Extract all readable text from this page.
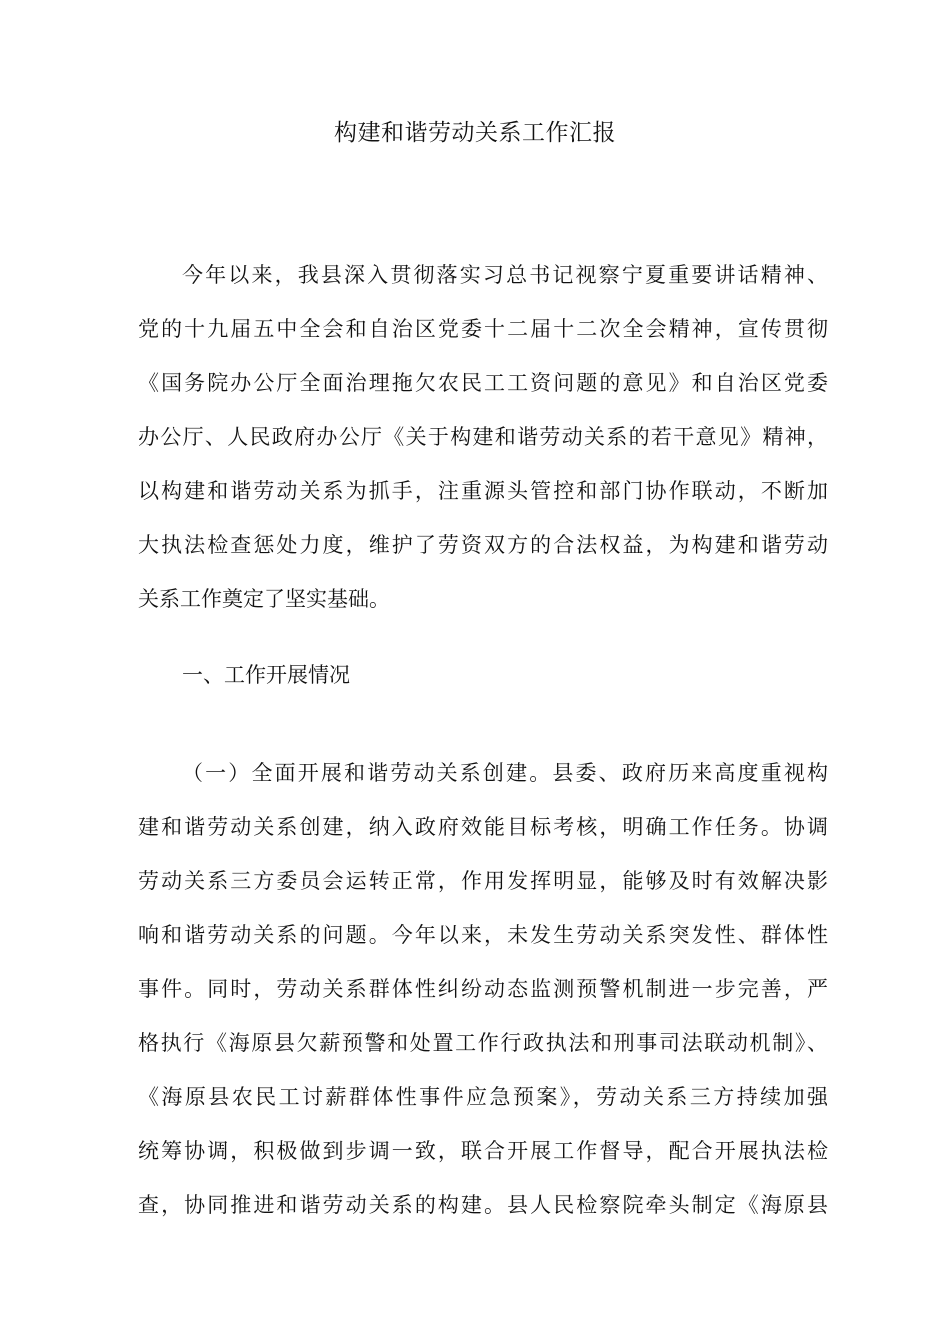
构建和谐劳动关系工作汇报
今年以来，我县深入贯彻落实习总书记视察宁夏重要讲话精神、
党的十九届五中全会和自治区党委十二届十二次全会精神，宣传贯彻
《国务院办公厅全面治理拖欠农民工工资问题的意见》和自治区党委
办公厅、人民政府办公厅《关于构建和谐劳动关系的若干意见》精神，
以构建和谐劳动关系为抓手，注重源头管控和部门协作联动，不断加
大执法检查惩处力度，维护了劳资双方的合法权益，为构建和谐劳动
关系工作奠定了坚实基础。
一、工作开展情况
（一）全面开展和谐劳动关系创建。县委、政府历来高度重视构
建和谐劳动关系创建，纳入政府效能目标考核，明确工作任务。协调
劳动关系三方委员会运转正常，作用发挥明显，能够及时有效解决影
响和谐劳动关系的问题。今年以来，未发生劳动关系突发性、群体性
事件。同时，劳动关系群体性纠纷动态监测预警机制进一步完善，严
格执行《海原县欠薪预警和处置工作行政执法和刑事司法联动机制》、
《海原县农民工讨薪群体性事件应急预案》，劳动关系三方持续加强
统筹协调，积极做到步调一致，联合开展工作督导，配合开展执法检
查，协同推进和谐劳动关系的构建。县人民检察院牵头制定《海原县
